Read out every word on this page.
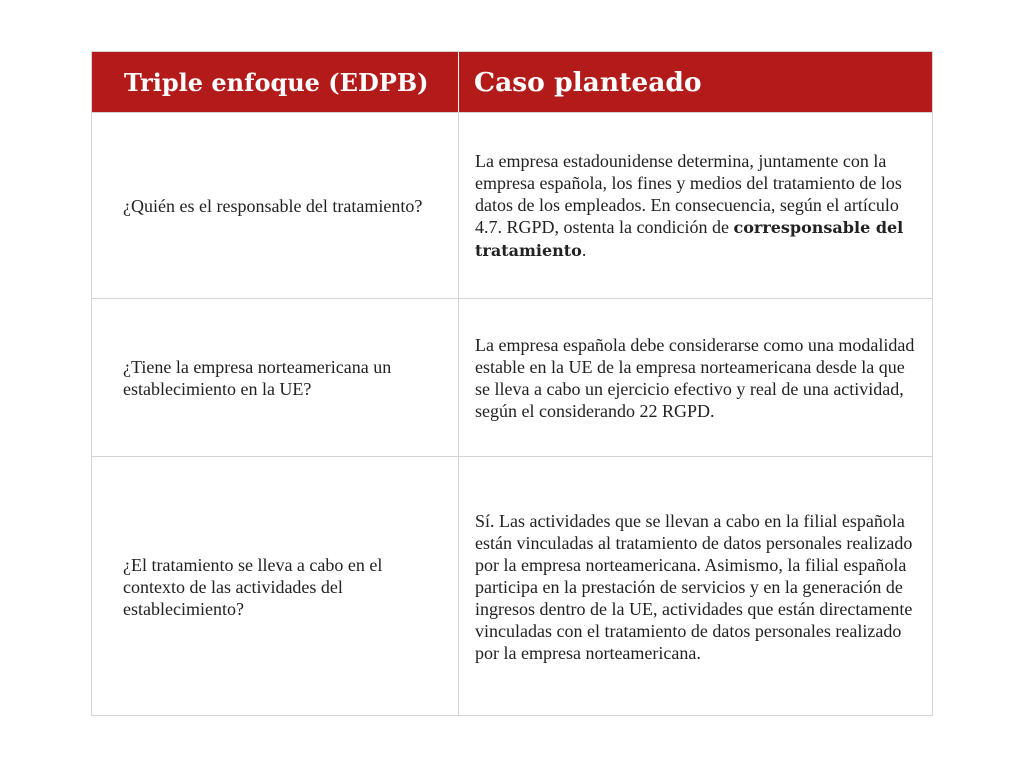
Triple enfoque (EDPB) Caso planteado
¿Quién es el responsable del tratamiento?
La empresa estadounidense determina, juntamente con la empresa española, los fines y medios del tratamiento de los datos de los empleados. En consecuencia, según el artículo 4.7. RGPD, ostenta la condición de corresponsable del tratamiento.
¿Tiene la empresa norteamericana un establecimiento en la UE?
La empresa española debe considerarse como una modalidad estable en la UE de la empresa norteamericana desde la que se lleva a cabo un ejercicio efectivo y real de una actividad, según el considerando 22 RGPD.
¿El tratamiento se lleva a cabo en el contexto de las actividades del establecimiento?
Sí. Las actividades que se llevan a cabo en la filial española están vinculadas al tratamiento de datos personales realizado por la empresa norteamericana. Asimismo, la filial española participa en la prestación de servicios y en la generación de ingresos dentro de la UE, actividades que están directamente vinculadas con el tratamiento de datos personales realizado por la empresa norteamericana.
